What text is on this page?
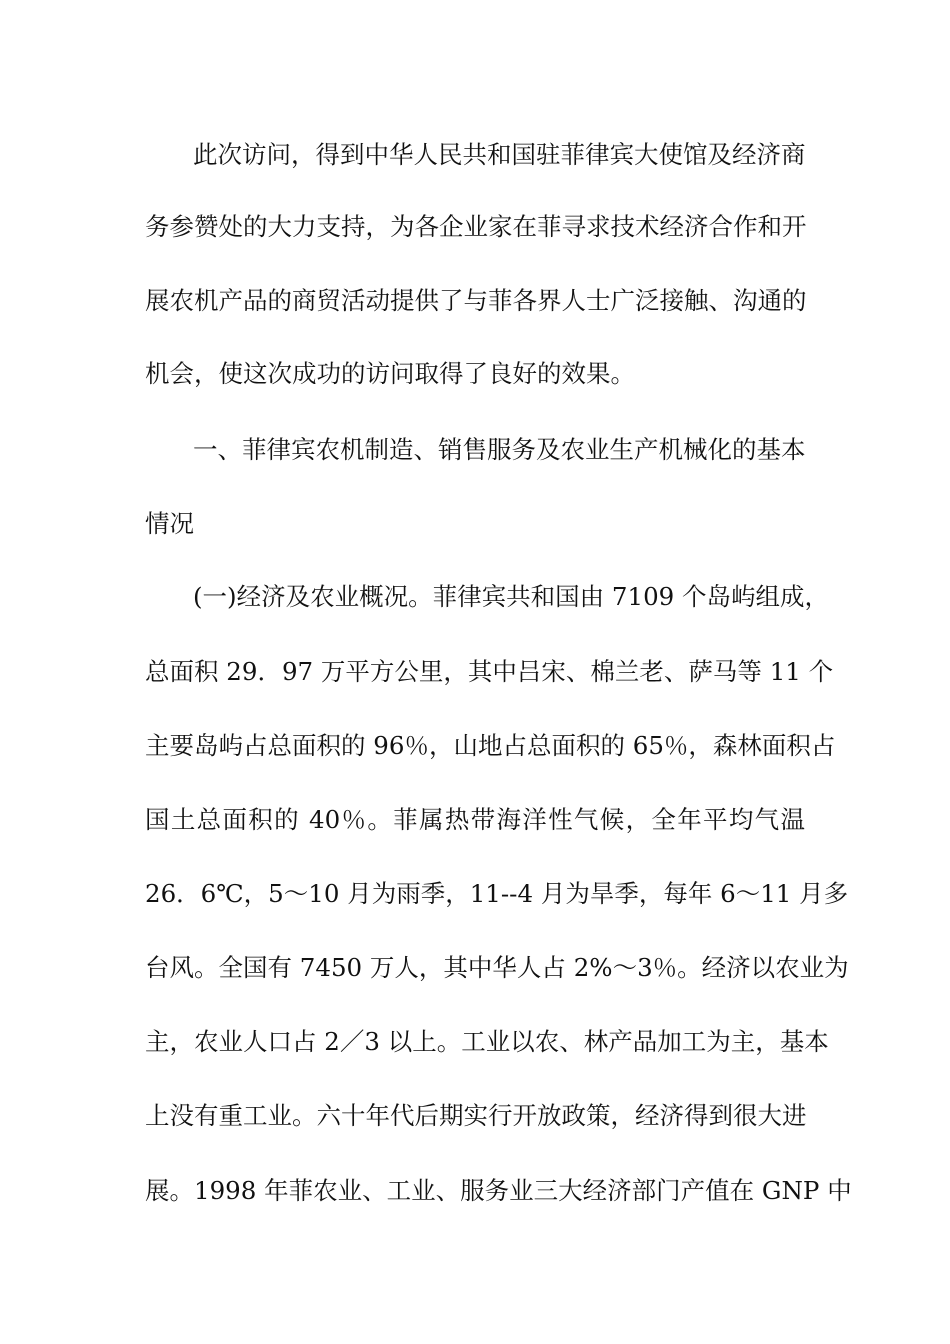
此次访问，得到中华人民共和国驻菲律宾大使馆及经济商
务参赞处的大力支持，为各企业家在菲寻求技术经济合作和开
展农机产品的商贸活动提供了与菲各界人士广泛接触、沟通的
机会，使这次成功的访问取得了良好的效果。
一、菲律宾农机制造、销售服务及农业生产机械化的基本
情况
(一)经济及农业概况。菲律宾共和国由 7109 个岛屿组成，
总面积 29．97 万平方公里，其中吕宋、棉兰老、萨马等 11 个
主要岛屿占总面积的 96％，山地占总面积的 65％，森林面积占
国土总面积的 40％。菲属热带海洋性气候，全年平均气温
26．6℃，5～10 月为雨季，11--4 月为旱季，每年 6～11 月多
台风。全国有 7450 万人，其中华人占 2%～3％。经济以农业为
主，农业人口占 2／3 以上。工业以农、林产品加工为主，基本
上没有重工业。六十年代后期实行开放政策，经济得到很大进
展。1998 年菲农业、工业、服务业三大经济部门产值在 GNP 中
